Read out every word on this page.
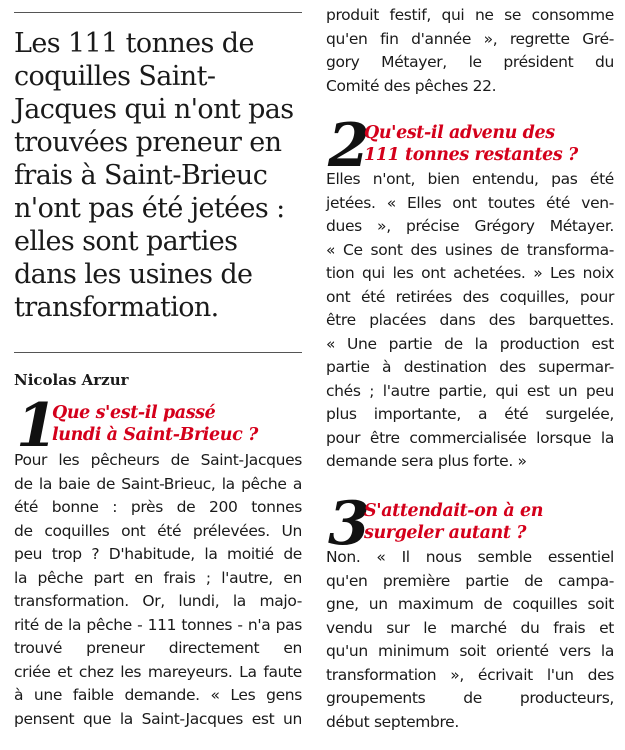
Les 111 tonnes de coquilles Saint-Jacques qui n'ont pas trouvées preneur en frais à Saint-Brieuc n'ont pas été jetées : elles sont parties dans les usines de transformation.

Nicolas Arzur
1
Que s'est-il passé
lundi à Saint-Brieuc ?
Pour les pêcheurs de Saint-Jacques
de la baie de Saint-Brieuc, la pêche a
été bonne : près de 200 tonnes
de coquilles ont été prélevées. Un
peu trop ? D'habitude, la moitié de
la pêche part en frais ; l'autre, en
transformation. Or, lundi, la majo-
rité de la pêche - 111 tonnes - n'a pas
trouvé preneur directement en
criée et chez les mareyeurs. La faute
à une faible demande. « Les gens
pensent que la Saint-Jacques est un
produit festif, qui ne se consomme
qu'en fin d'année », regrette Gré-
gory Métayer, le président du
Comité des pêches 22.
2
Qu'est-il advenu des
111 tonnes restantes ?
Elles n'ont, bien entendu, pas été
jetées. « Elles ont toutes été ven-
dues », précise Grégory Métayer.
« Ce sont des usines de transforma-
tion qui les ont achetées. » Les noix
ont été retirées des coquilles, pour
être placées dans des barquettes.
« Une partie de la production est
partie à destination des supermar-
chés ; l'autre partie, qui est un peu
plus importante, a été surgelée,
pour être commercialisée lorsque la
demande sera plus forte. »
3
S'attendait-on à en
surgeler autant ?
Non. « Il nous semble essentiel
qu'en première partie de campa-
gne, un maximum de coquilles soit
vendu sur le marché du frais et
qu'un minimum soit orienté vers la
transformation », écrivait l'un des
groupements de producteurs,
début septembre.
